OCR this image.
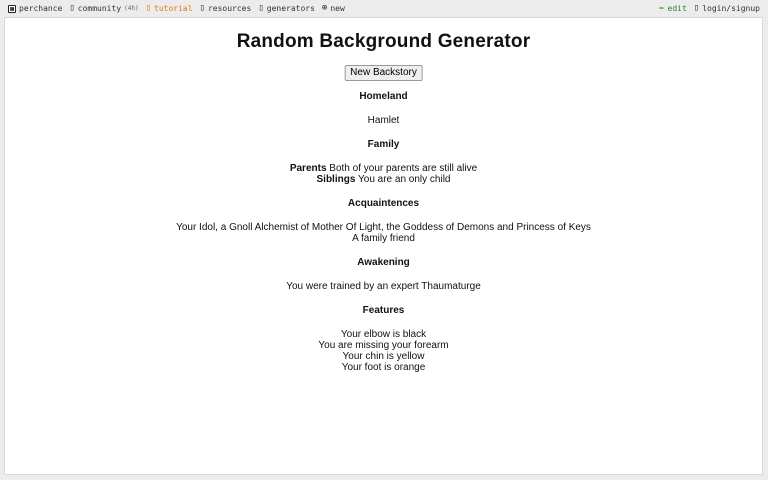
perchance ▯ community (4h) ▯ tutorial ▯ resources ▯ generators ⊕ new	✏ edit ▯ login/signup
Random Background Generator
New Backstory

Homeland

Hamlet

Family

Parents Both of your parents are still alive

Siblings You are an only child

Acquaintences

Your Idol, a Gnoll Alchemist of Mother Of Light, the Goddess of Demons and Princess of Keys

A family friend

Awakening

You were trained by an expert Thaumaturge

Features

Your elbow is black

You are missing your forearm

Your chin is yellow

Your foot is orange
